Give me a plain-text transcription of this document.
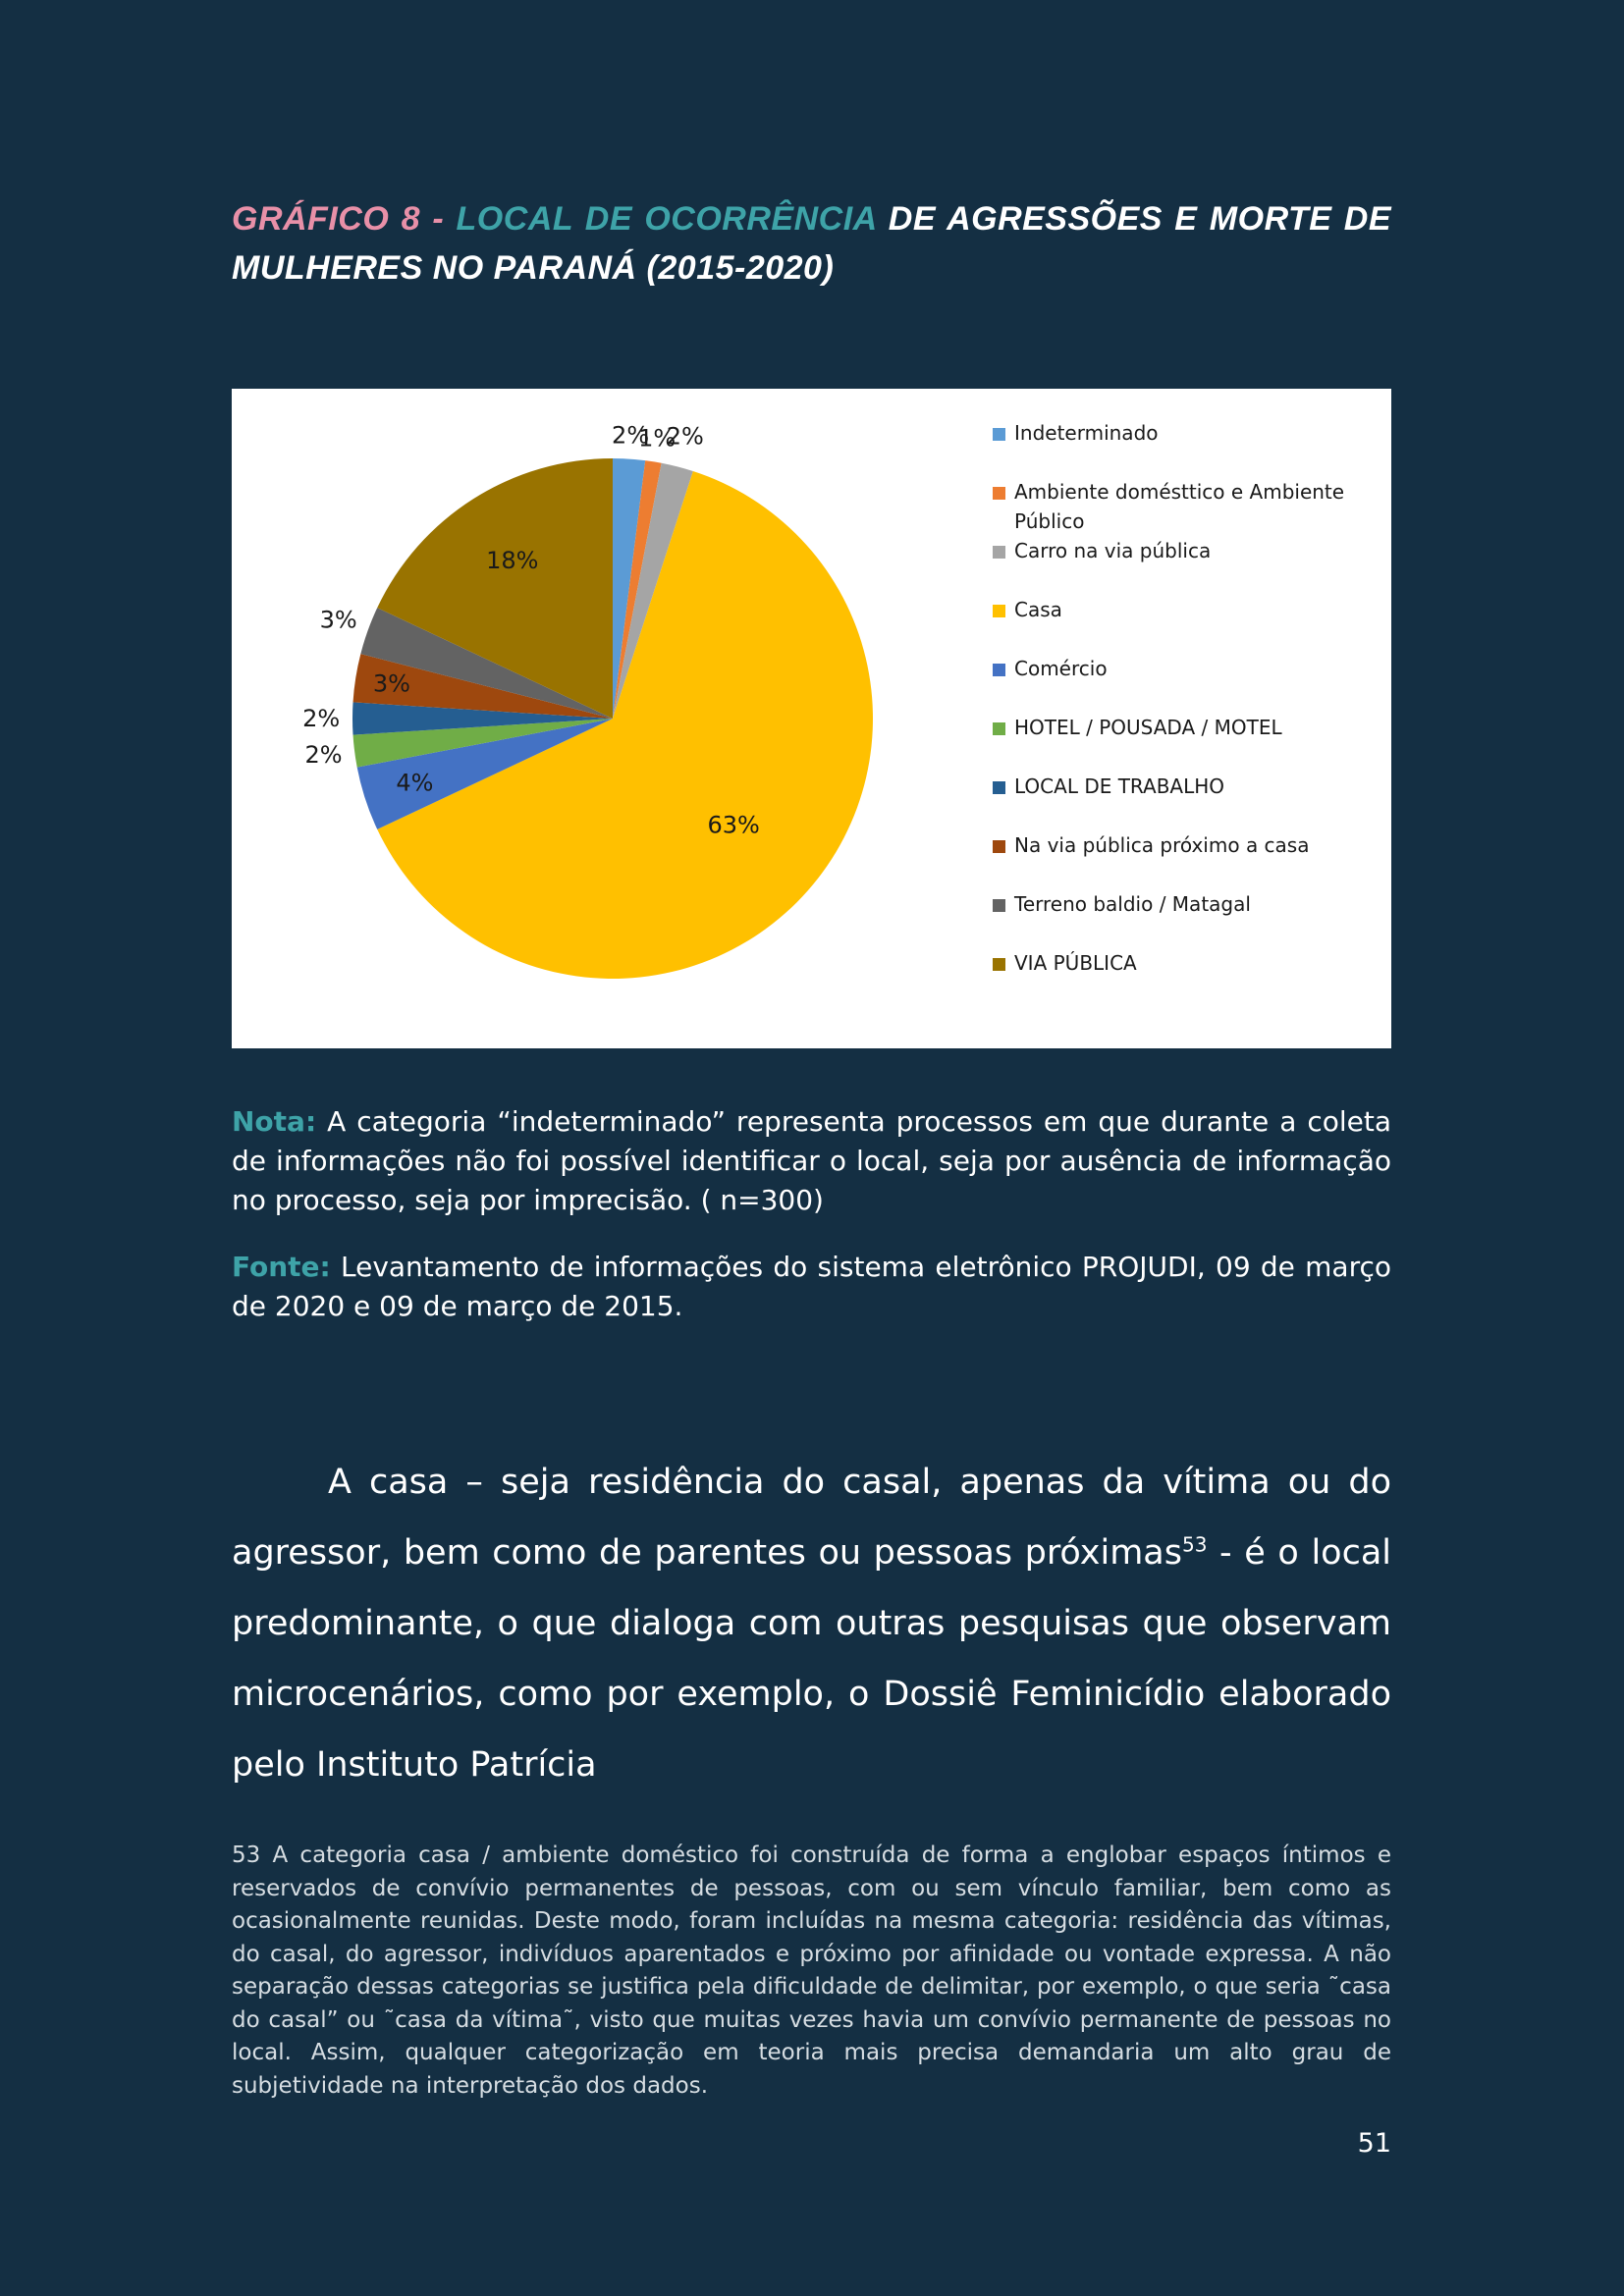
GRÁFICO 8 - LOCAL DE OCORRÊNCIA DE AGRESSÕES E MORTE DE MULHERES NO PARANÁ (2015-2020)
2%
1%
2%
63%
4%
2%
2%
3%
3%
18%
Indeterminado
Ambiente domésttico e Ambiente Público
Carro na via pública
Casa
Comércio
HOTEL / POUSADA / MOTEL
LOCAL DE TRABALHO
Na via pública próximo a casa
Terreno baldio / Matagal
VIA PÚBLICA

Nota: A categoria “indeterminado” representa processos em que durante a coleta de informações não foi possível identificar o local, seja por ausência de informação no processo, seja por imprecisão. ( n=300)

Fonte: Levantamento de informações do sistema eletrônico PROJUDI, 09 de março de 2020 e 09 de março de 2015.

A casa – seja residência do casal, apenas da vítima ou do agressor, bem como de parentes ou pessoas próximas$^{53}$ - é o local predominante, o que dialoga com outras pesquisas que observam microcenários, como por exemplo, o Dossiê Feminicídio elaborado pelo Instituto Patrícia

53 A categoria casa / ambiente doméstico foi construída de forma a englobar espaços íntimos e reservados de convívio permanentes de pessoas, com ou sem vínculo familiar, bem como as ocasionalmente reunidas. Deste modo, foram incluídas na mesma categoria: residência das vítimas, do casal, do agressor, indivíduos aparentados e próximo por afinidade ou vontade expressa. A não separação dessas categorias se justifica pela dificuldade de delimitar, por exemplo, o que seria ˜casa do casal” ou ˜casa da vítima˜, visto que muitas vezes havia um convívio permanente de pessoas no local. Assim, qualquer categorização em teoria mais precisa demandaria um alto grau de subjetividade na interpretação dos dados.

51
